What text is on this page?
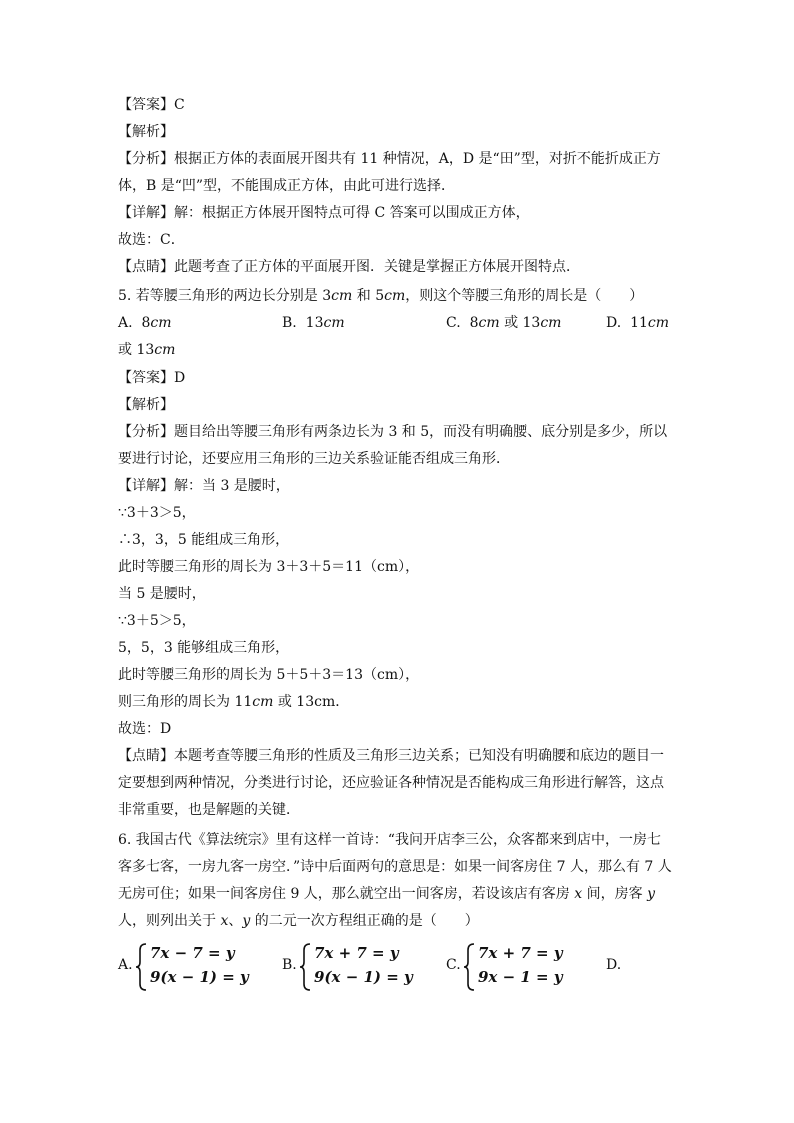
【答案】C
【解析】
【分析】根据正方体的表面展开图共有 11 种情况，A，D 是“田”型，对折不能折成正方
体，B 是“凹”型，不能围成正方体，由此可进行选择．
【详解】解：根据正方体展开图特点可得 C 答案可以围成正方体，
故选：C．
【点睛】此题考查了正方体的平面展开图．关键是掌握正方体展开图特点．
5. 若等腰三角形的两边长分别是 3cm 和 5cm，则这个等腰三角形的周长是（　　）
A. 8cm	B. 13cm	C. 8cm 或 13cm	D. 11cm
或 13cm
【答案】D
【解析】
【分析】题目给出等腰三角形有两条边长为 3 和 5，而没有明确腰、底分别是多少，所以
要进行讨论，还要应用三角形的三边关系验证能否组成三角形．
【详解】解：当 3 是腰时，
∵3＋3＞5，
∴3，3，5 能组成三角形，
此时等腰三角形的周长为 3＋3＋5＝11（cm），
当 5 是腰时，
∵3＋5＞5，
5，5，3 能够组成三角形，
此时等腰三角形的周长为 5＋5＋3＝13（cm），
则三角形的周长为 11cm 或 13cm．
故选：D
【点睛】本题考查等腰三角形的性质及三角形三边关系；已知没有明确腰和底边的题目一
定要想到两种情况，分类进行讨论，还应验证各种情况是否能构成三角形进行解答，这点
非常重要，也是解题的关键．
6. 我国古代《算法统宗》里有这样一首诗：“我问开店李三公，众客都来到店中，一房七
客多七客，一房九客一房空．”诗中后面两句的意思是：如果一间客房住 7 人，那么有 7 人
无房可住；如果一间客房住 9 人，那么就空出一间客房，若设该店有客房 x 间，房客 y
人，则列出关于 x、y 的二元一次方程组正确的是（　　）
A.
7x − 7 = y
9(x − 1) = y
B.
7x + 7 = y
9(x − 1) = y
C.
7x + 7 = y
9x − 1 = y
D.
